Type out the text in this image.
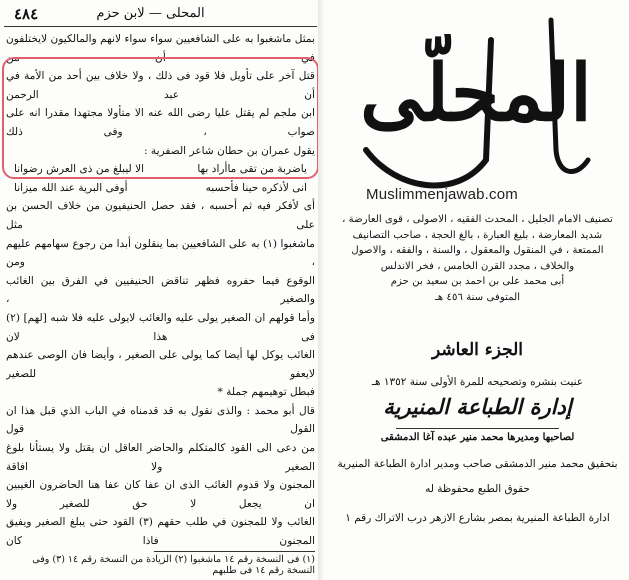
٤٨٤	المحلى — لابن حزم

بمثل ماشغبوا به على الشافعيين سواء سواء لانهم والمالكيون لايختلفون في أن من

قتل آخر على تأويل فلا قود فى ذلك ، ولا خلاف بين أحد من الأمة في أن عبد الرحمن

ابن ملجم لم يقتل عليا رضى الله عنه الا متأولا مجتهدا مقدرا انه على صواب ، وفى ذلك

يقول عمران بن حطان شاعر الصفرية :

ياضربة من تقى ماأراد بها
الا ليبلغ من ذى العرش رضوانا
انى لأذكره حينا فأحسبه
أوفى البرية عند الله ميزانا

أى لأفكر فيه ثم أحسبه ، فقد حصل الحنيفيون من خلاف الحسن بن على مثل

ماشغبوا (١) به على الشافعيين بما ينقلون أبدا من رجوع سهامهم عليهم ، ومن

الوقوع فيما حفروه فظهر تناقض الحنيفيين في الفرق بين الغائب والصغير ،

وأما قولهم ان الصغير يولى عليه والغائب لايولى عليه فلا شبه [لهم] (٢) فى هذا لان

الغائب يوكل لها أيضا كما يولى على الصغير ، وأيضا فان الوصى عندهم لايعفو للصغير

فبطل توهيمهم جملة *

قال أبو محمد : والذى نقول به قد قدمناه في الباب الذي قبل هذا ان القول قول

من دعى الى القود كالمتكلم والحاضر العاقل ان يقتل ولا يستأنا بلوغ الصغير ولا افاقة

المجنون ولا قدوم الغائب الذى ان عفا كان عفا هنا الحاضرون الغيبين ان يجعل لا حق للصغير ولا

الغائب ولا للمجنون في طلب حقهم (٣) القود حتى يبلغ الصغير ويفيق المجنون فاذا كان

(١) فى النسخة رقم ١٤ ماشغبوا (٢) الزيادة من النسخة رقم ١٤ (٣) وفى النسخة رقم ١٤ فى طلبهم
المحلّى
Muslimmenjawab.com

تصنيف الامام الجليل ، المحدث الفقيه ، الاصولى ، قوى العارضة ،

شديد المعارضة ، بليغ العبارة ، بالغ الحجة ، صاحب التصانيف

الممتعة ، في المنقول والمعقول ، والسنة ، والفقه ، والاصول

والخلاف ، مجدد القرن الخامس ، فخر الاندلس

أبى محمد على بن احمد بن سعيد بن حزم

المتوفى سنة ٤٥٦ هـ

الجزء العاشر
عنيت بنشره وتصحيحه للمرة الأولى سنة ١٣٥٢ هـ
إدارة الطباعة المنيرية
لصاحبها ومديرها محمد منير عبده آغا الدمشقى
بتحقيق محمد منير الدمشقى صاحب ومدير ادارة الطباعة المنيرية
حقوق الطبع محفوظة له
ادارة الطباعة المنيرية بمصر بشارع الازهر درب الاتراك رقم ١
